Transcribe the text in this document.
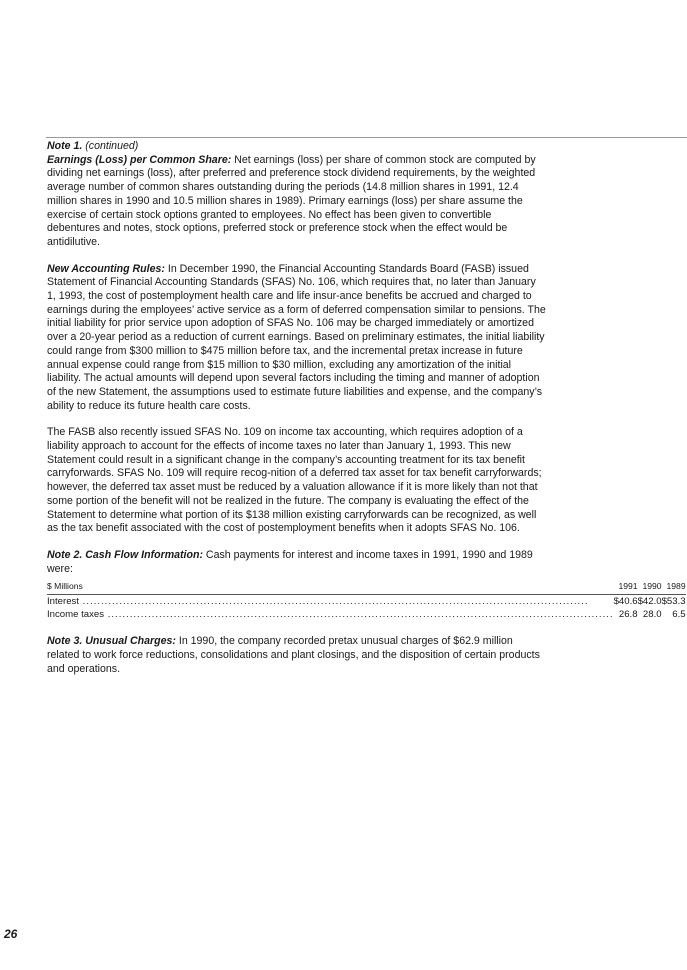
Note 1. (continued)
Earnings (Loss) per Common Share: Net earnings (loss) per share of common stock are computed by dividing net earnings (loss), after preferred and preference stock dividend requirements, by the weighted average number of common shares outstanding during the periods (14.8 million shares in 1991, 12.4 million shares in 1990 and 10.5 million shares in 1989). Primary earnings (loss) per share assume the exercise of certain stock options granted to employees. No effect has been given to convertible debentures and notes, stock options, preferred stock or preference stock when the effect would be antidilutive.
New Accounting Rules: In December 1990, the Financial Accounting Standards Board (FASB) issued Statement of Financial Accounting Standards (SFAS) No. 106, which requires that, no later than January 1, 1993, the cost of postemployment health care and life insur-ance benefits be accrued and charged to earnings during the employees’ active service as a form of deferred compensation similar to pensions. The initial liability for prior service upon adoption of SFAS No. 106 may be charged immediately or amortized over a 20-year period as a reduction of current earnings. Based on preliminary estimates, the initial liability could range from $300 million to $475 million before tax, and the incremental pretax increase in future annual expense could range from $15 million to $30 million, excluding any amortization of the initial liability. The actual amounts will depend upon several factors including the timing and manner of adoption of the new Statement, the assumptions used to estimate future liabilities and expense, and the company’s ability to reduce its future health care costs.
The FASB also recently issued SFAS No. 109 on income tax accounting, which requires adoption of a liability approach to account for the effects of income taxes no later than January 1, 1993. This new Statement could result in a significant change in the company’s accounting treatment for its tax benefit carryforwards. SFAS No. 109 will require recog-nition of a deferred tax asset for tax benefit carryforwards; however, the deferred tax asset must be reduced by a valuation allowance if it is more likely than not that some portion of the benefit will not be realized in the future. The company is evaluating the effect of the Statement to determine what portion of its $138 million existing carryforwards can be recognized, as well as the tax benefit associated with the cost of postemployment benefits when it adopts SFAS No. 106.
Note 2. Cash Flow Information: Cash payments for interest and income taxes in 1991, 1990 and 1989 were:
$ Millions	1991	1990	1989

Interest .....	$40.6	$42.0	$53.3

Income taxes .....	26.8	28.0	6.5
Note 3. Unusual Charges: In 1990, the company recorded pretax unusual charges of $62.9 million related to work force reductions, consolidations and plant closings, and the disposition of certain products and operations.
26
